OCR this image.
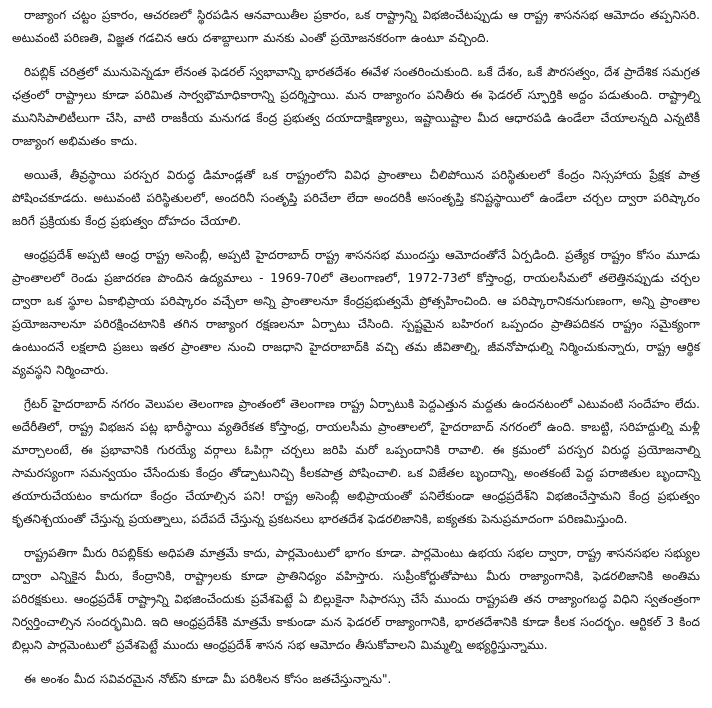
రాజ్యాంగ చట్టం ప్రకారం, ఆచరణలో స్థిరపడిన ఆనవాయితీల ప్రకారం, ఒక రాష్ట్రాన్ని విభజించేటప్పుడు ఆ రాష్ట్ర శాసనసభ ఆమోదం తప్పనిసరి. అటువంటి పరిణతి, విజ్ఞత గడచిన ఆరు దశాబ్దాలుగా మనకు ఎంతో ప్రయోజనకరంగా ఉంటూ వచ్చింది.

రిపబ్లిక్ చరిత్రలో మునుపెన్నడూ లేనంత ఫెడరల్ స్వభావాన్ని భారతదేశం ఈవేళ సంతరించుకుంది. ఒకే దేశం, ఒకే పౌరసత్వం, దేశ ప్రాదేశిక సమగ్రత ఛత్రంలో రాష్ట్రాలు కూడా పరిమిత సార్వభౌమాధికారాన్ని ప్రదర్శిస్తాయి. మన రాజ్యాంగం పనితీరు ఈ ఫెడరల్ స్ఫూర్తికి అద్దం పడుతుంది. రాష్ట్రాల్ని మునిసిపాలిటీలుగా చేసి, వాటి రాజకీయ మనుగడ కేంద్ర ప్రభుత్వ దయాదాక్షిణ్యాలు, ఇష్టాయిష్టాల మీద ఆధారపడి ఉండేలా చేయాలన్నది ఎన్నటికీ రాజ్యాంగ అభిమతం కాదు.

అయితే, తీవ్రస్థాయి పరస్పర విరుద్ధ డిమాండ్లతో ఒక రాష్ట్రంలోని వివిధ ప్రాంతాలు చీలిపోయిన పరిస్థితులలో కేంద్రం నిస్సహాయ ప్రేక్షక పాత్ర పోషించకూడదు. అటువంటి పరిస్థితులలో, అందరినీ సంతృప్తి పరిచేలా లేదా అందరికీ అసంతృప్తి కనిష్టస్థాయిలో ఉండేలా చర్చల ద్వారా పరిష్కారం జరిగే ప్రక్రియకు కేంద్ర ప్రభుత్వం దోహదం చేయాలి.

ఆంధ్రప్రదేశ్ అప్పటి ఆంధ్ర రాష్ట్ర అసెంబ్లీ, అప్పటి హైదరాబాద్ రాష్ట్ర శాసనసభ ముందస్తు ఆమోదంతోనే ఏర్పడింది. ప్రత్యేక రాష్ట్రం కోసం మూడు ప్రాంతాలలో రెండు ప్రజాదరణ పొందిన ఉద్యమాలు - 1969-70లో తెలంగాణలో, 1972-73లో కోస్తాంధ్ర, రాయలసీమలో తలెత్తినప్పుడు చర్చల ద్వారా ఒక స్థూల ఏకాభిప్రాయ పరిష్కారం వచ్చేలా అన్ని ప్రాంతాలనూ కేంద్రప్రభుత్వమే ప్రోత్సహించింది. ఆ పరిష్కారానికనుగుణంగా, అన్ని ప్రాంతాల ప్రయోజనాలనూ పరిరక్షించటానికి తగిన రాజ్యాంగ రక్షణలనూ ఏర్పాటు చేసింది. స్పష్టమైన బహిరంగ ఒప్పందం ప్రాతిపదికన రాష్ట్రం సమైక్యంగా ఉంటుందనే లక్షలాది ప్రజలు ఇతర ప్రాంతాల నుంచి రాజధాని హైదరాబాద్‌కి వచ్చి తమ జీవితాల్ని, జీవనోపాధుల్ని నిర్మించుకున్నారు, రాష్ట్ర ఆర్థిక వ్యవస్థని నిర్మించారు.

గ్రేటర్ హైదరాబాద్ నగరం వెలుపల తెలంగాణ ప్రాంతంలో తెలంగాణ రాష్ట్ర ఏర్పాటుకి పెద్దఎత్తున మద్దతు ఉందనటంలో ఎటువంటి సందేహం లేదు. అదేరీతిలో, రాష్ట్ర విభజన పట్ల భారీస్థాయి వ్యతిరేకత కోస్తాంధ్ర, రాయలసీమ ప్రాంతాలలో, హైదరాబాద్ నగరంలో ఉంది. కాబట్టి, సరిహద్దుల్ని మళ్లీ మార్చాలంటే, ఈ ప్రభావానికి గురయ్యే వర్గాలు ఓపిగ్గా చర్చలు జరిపి మరో ఒప్పందానికి రావాలి. ఈ క్రమంలో పరస్పర విరుద్ధ ప్రయోజనాల్ని సామరస్యంగా సమన్వయం చేసేందుకు కేంద్రం తోడ్పాటునిచ్చి కీలకపాత్ర పోషించాలి. ఒక విజేతల బృందాన్ని, అంతకంటే పెద్ద పరాజితుల బృందాన్ని తయారుచేయటం కాదుగదా కేంద్రం చేయాల్సిన పని! రాష్ట్ర అసెంబ్లీ అభిప్రాయంతో పనిలేకుండా ఆంధ్రప్రదేశ్‌ని విభజించేస్తామని కేంద్ర ప్రభుత్వం కృతనిశ్చయంతో చేస్తున్న ప్రయత్నాలు, పదేపదే చేస్తున్న ప్రకటనలు భారతదేశ ఫెడరలిజానికి, ఐక్యతకు పెనుప్రమాదంగా పరిణమిస్తుంది.

రాష్ట్రపతిగా మీరు రిపబ్లిక్‌కు అధిపతి మాత్రమే కాదు, పార్లమెంటులో భాగం కూడా. పార్లమెంటు ఉభయ సభల ద్వారా, రాష్ట్ర శాసనసభల సభ్యుల ద్వారా ఎన్నికైన మీరు, కేంద్రానికి, రాష్ట్రాలకు కూడా ప్రాతినిధ్యం వహిస్తారు. సుప్రీంకోర్టుతోపాటు మీరు రాజ్యాంగానికి, ఫెడరలిజానికి అంతిమ పరిరక్షకులు. ఆంధ్రప్రదేశ్ రాష్ట్రాన్ని విభజించేందుకు ప్రవేశపెట్టే ఏ బిల్లుకైనా సిఫారస్సు చేసే ముందు రాష్ట్రపతి తన రాజ్యాంగబద్ధ విధిని స్వతంత్రంగా నిర్వర్తించాల్సిన సందర్భమిది. ఇది ఆంధ్రప్రదేశ్‌కి మాత్రమే కాకుండా మన ఫెడరల్ రాజ్యాంగానికి, భారతదేశానికి కూడా కీలక సందర్భం. ఆర్టికల్ 3 కింద బిల్లుని పార్లమెంటులో ప్రవేశపెట్టే ముందు ఆంధ్రప్రదేశ్ శాసన సభ ఆమోదం తీసుకోవాలని మిమ్మల్ని అభ్యర్థిస్తున్నాము.

ఈ అంశం మీద సవివరమైన నోట్‌ని కూడా మీ పరిశీలన కోసం జతచేస్తున్నాను".
